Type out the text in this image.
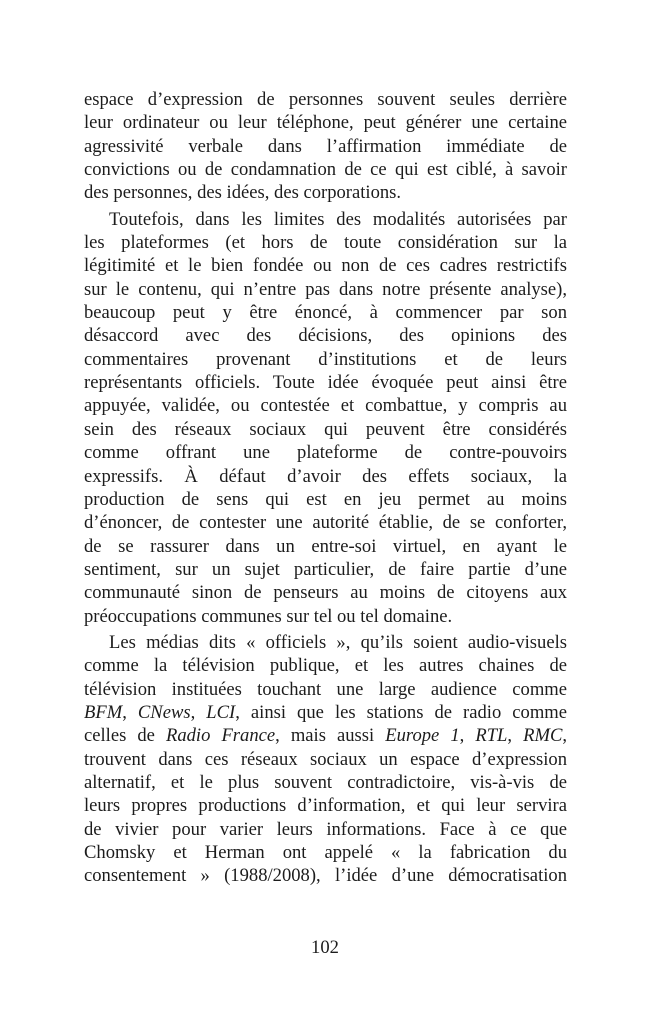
espace d’expression de personnes souvent seules derrière
leur ordinateur ou leur téléphone, peut générer une certaine
agressivité verbale dans l’affirmation immédiate de
convictions ou de condamnation de ce qui est ciblé, à savoir
des personnes, des idées, des corporations.
Toutefois, dans les limites des modalités autorisées par
les plateformes (et hors de toute considération sur la
légitimité et le bien fondée ou non de ces cadres restrictifs
sur le contenu, qui n’entre pas dans notre présente analyse),
beaucoup peut y être énoncé, à commencer par son
désaccord avec des décisions, des opinions des
commentaires provenant d’institutions et de leurs
représentants officiels. Toute idée évoquée peut ainsi être
appuyée, validée, ou contestée et combattue, y compris au
sein des réseaux sociaux qui peuvent être considérés
comme offrant une plateforme de contre-pouvoirs
expressifs. À défaut d’avoir des effets sociaux, la
production de sens qui est en jeu permet au moins
d’énoncer, de contester une autorité établie, de se conforter,
de se rassurer dans un entre-soi virtuel, en ayant le
sentiment, sur un sujet particulier, de faire partie d’une
communauté sinon de penseurs au moins de citoyens aux
préoccupations communes sur tel ou tel domaine.
Les médias dits « officiels », qu’ils soient audio-visuels
comme la télévision publique, et les autres chaines de
télévision instituées touchant une large audience comme
BFM, CNews, LCI, ainsi que les stations de radio comme
celles de Radio France, mais aussi Europe 1, RTL, RMC,
trouvent dans ces réseaux sociaux un espace d’expression
alternatif, et le plus souvent contradictoire, vis-à-vis de
leurs propres productions d’information, et qui leur servira
de vivier pour varier leurs informations. Face à ce que
Chomsky et Herman ont appelé « la fabrication du
consentement » (1988/2008), l’idée d’une démocratisation
102
